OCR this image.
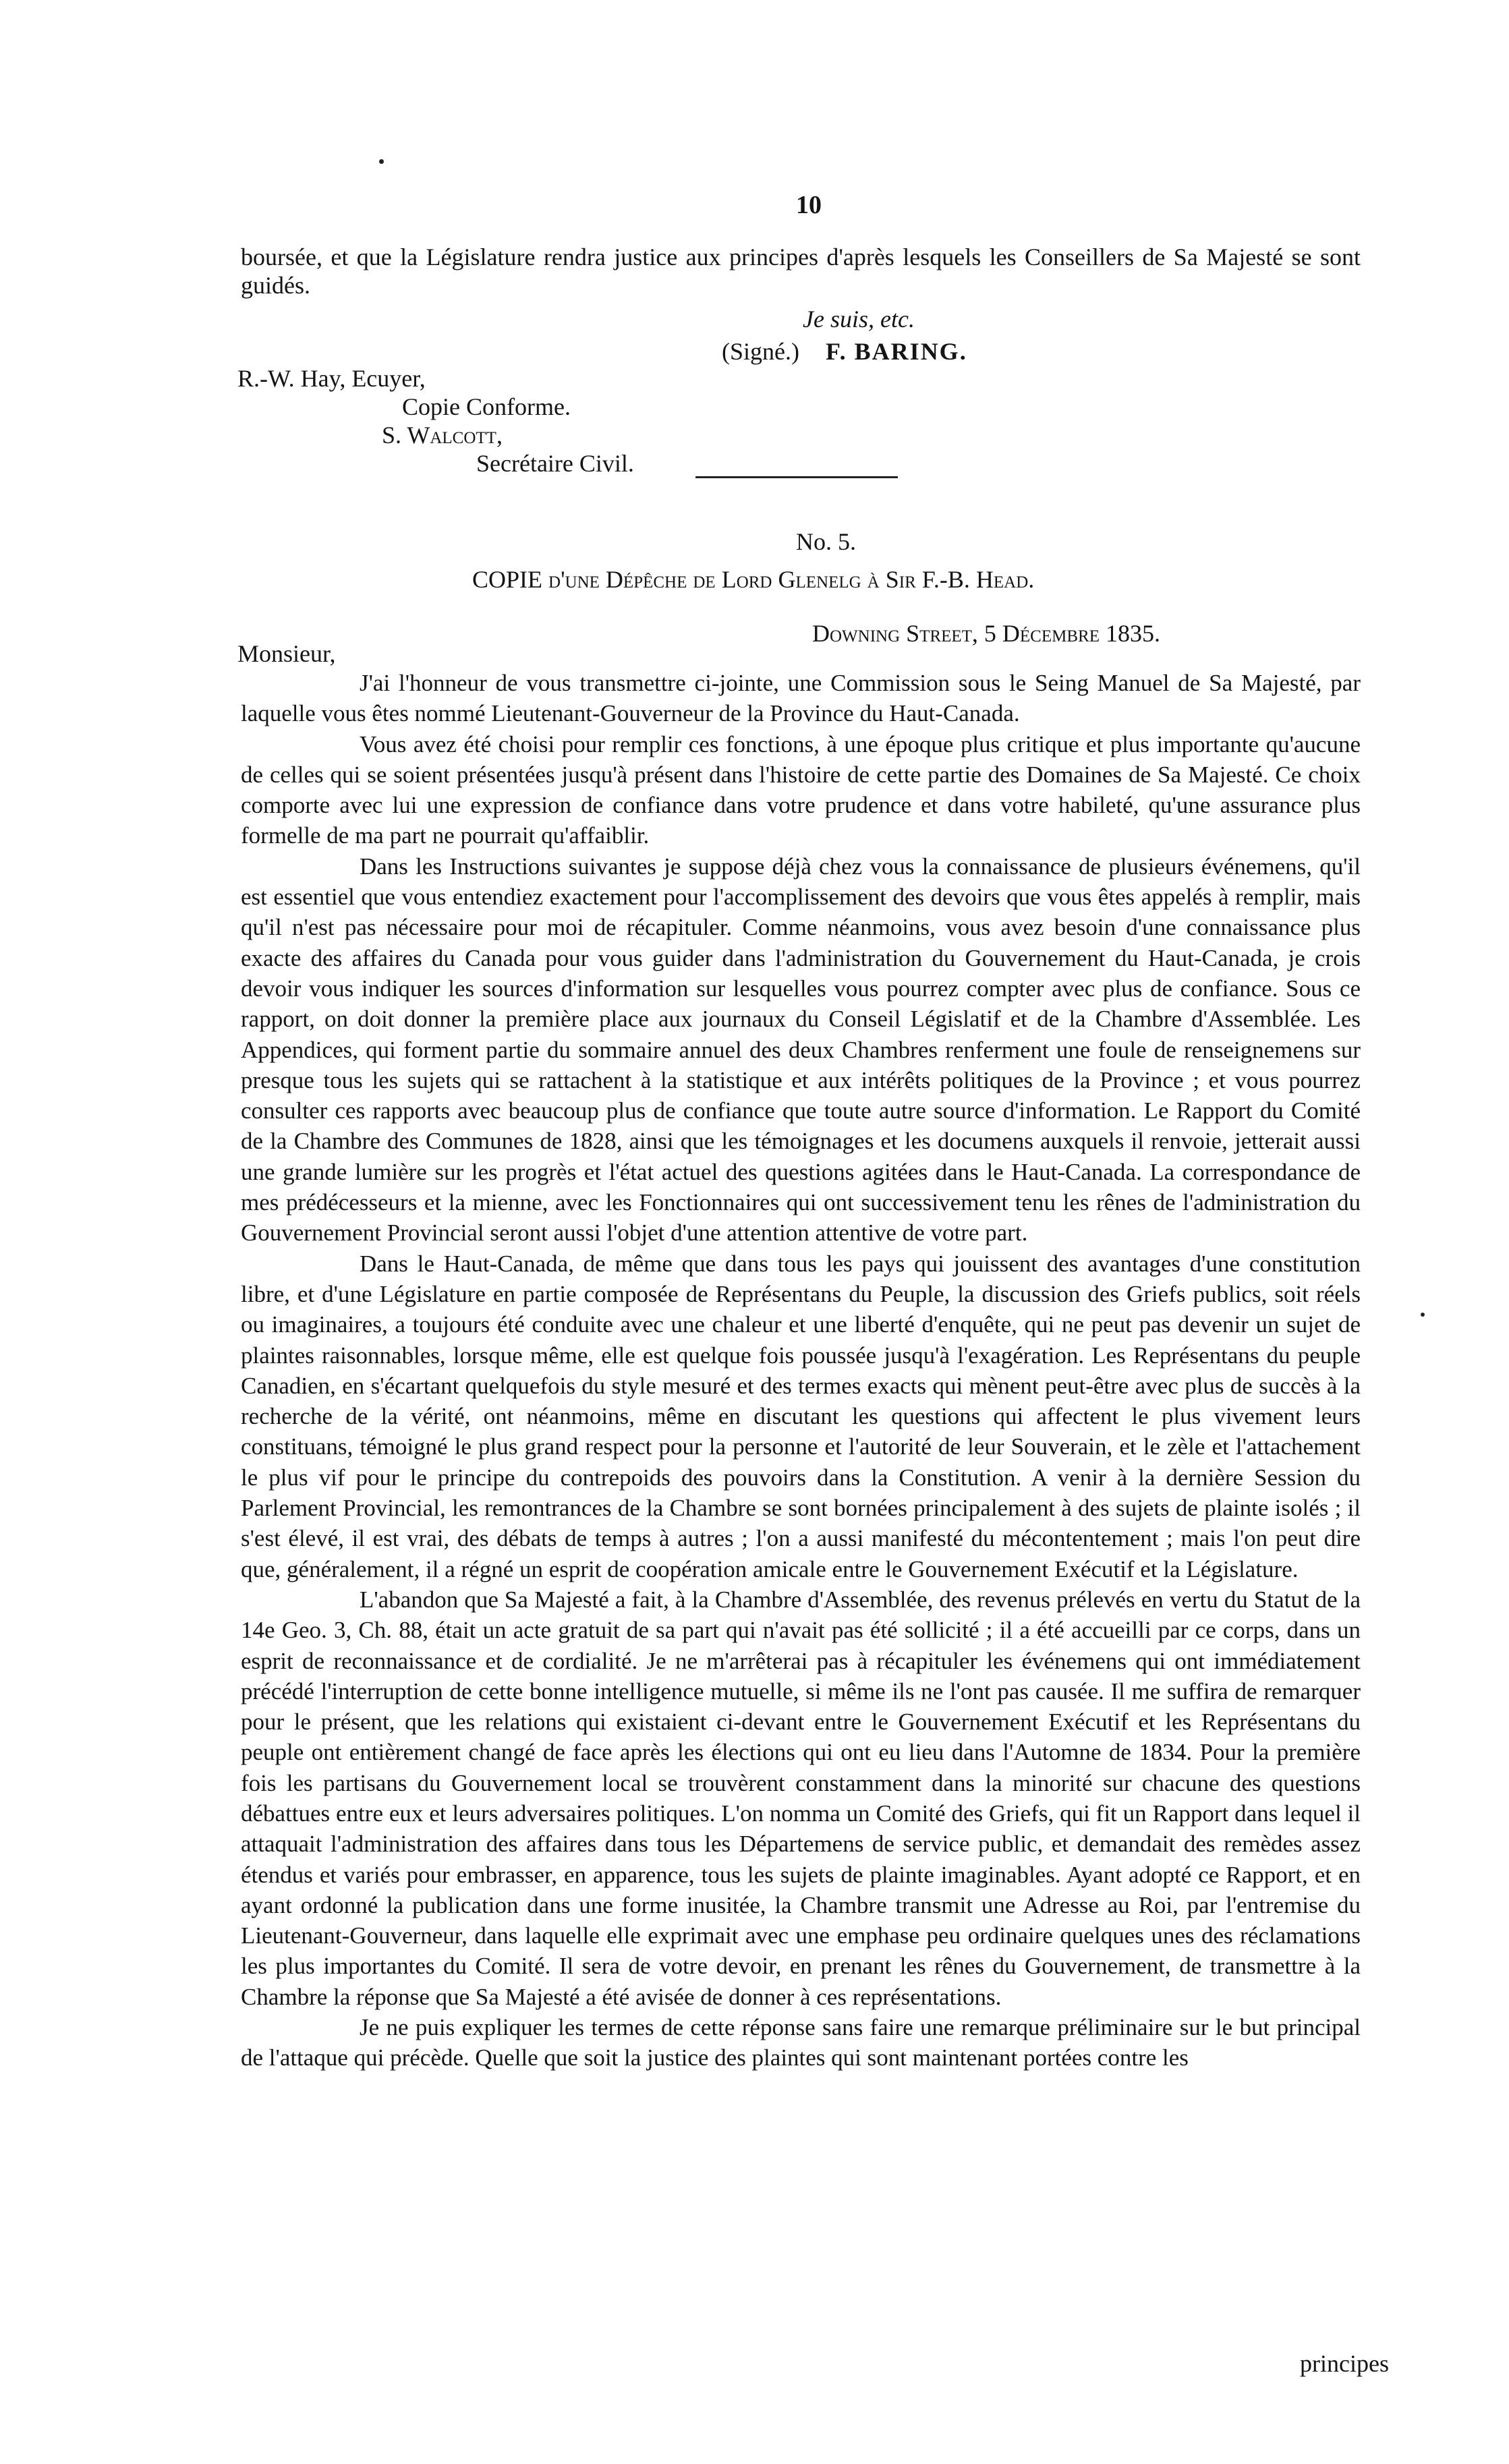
10
boursée, et que la Législature rendra justice aux principes d'après lesquels les Conseillers de Sa Majesté se sont guidés.
Je suis, etc.
(Signé.) F. BARING.
R.-W. Hay, Ecuyer,
Copie Conforme.
S. Walcott,
Secrétaire Civil.
No. 5.
COPIE d'une Dépêche de Lord Glenelg à Sir F.-B. Head.
Downing Street, 5 Décembre 1835.
Monsieur,

J'ai l'honneur de vous transmettre ci-jointe, une Commission sous le Seing Manuel de Sa Majesté, par laquelle vous êtes nommé Lieutenant-Gouverneur de la Province du Haut-Canada.

Vous avez été choisi pour remplir ces fonctions, à une époque plus critique et plus importante qu'aucune de celles qui se soient présentées jusqu'à présent dans l'histoire de cette partie des Domaines de Sa Majesté. Ce choix comporte avec lui une expression de confiance dans votre prudence et dans votre habileté, qu'une assurance plus formelle de ma part ne pourrait qu'affaiblir.

Dans les Instructions suivantes je suppose déjà chez vous la connaissance de plusieurs événemens, qu'il est essentiel que vous entendiez exactement pour l'accomplissement des devoirs que vous êtes appelés à remplir, mais qu'il n'est pas nécessaire pour moi de récapituler. Comme néanmoins, vous avez besoin d'une connaissance plus exacte des affaires du Canada pour vous guider dans l'administration du Gouvernement du Haut-Canada, je crois devoir vous indiquer les sources d'information sur lesquelles vous pourrez compter avec plus de confiance. Sous ce rapport, on doit donner la première place aux journaux du Conseil Législatif et de la Chambre d'Assemblée. Les Appendices, qui forment partie du sommaire annuel des deux Chambres renferment une foule de renseignemens sur presque tous les sujets qui se rattachent à la statistique et aux intérêts politiques de la Province ; et vous pourrez consulter ces rapports avec beaucoup plus de confiance que toute autre source d'information. Le Rapport du Comité de la Chambre des Communes de 1828, ainsi que les témoignages et les documens auxquels il renvoie, jetterait aussi une grande lumière sur les progrès et l'état actuel des questions agitées dans le Haut-Canada. La correspondance de mes prédécesseurs et la mienne, avec les Fonctionnaires qui ont successivement tenu les rênes de l'administration du Gouvernement Provincial seront aussi l'objet d'une attention attentive de votre part.

Dans le Haut-Canada, de même que dans tous les pays qui jouissent des avantages d'une constitution libre, et d'une Législature en partie composée de Représentans du Peuple, la discussion des Griefs publics, soit réels ou imaginaires, a toujours été conduite avec une chaleur et une liberté d'enquête, qui ne peut pas devenir un sujet de plaintes raisonnables, lorsque même, elle est quelque fois poussée jusqu'à l'exagération. Les Représentans du peuple Canadien, en s'écartant quelquefois du style mesuré et des termes exacts qui mènent peut-être avec plus de succès à la recherche de la vérité, ont néanmoins, même en discutant les questions qui affectent le plus vivement leurs constituans, témoigné le plus grand respect pour la personne et l'autorité de leur Souverain, et le zèle et l'attachement le plus vif pour le principe du contrepoids des pouvoirs dans la Constitution. A venir à la dernière Session du Parlement Provincial, les remontrances de la Chambre se sont bornées principalement à des sujets de plainte isolés ; il s'est élevé, il est vrai, des débats de temps à autres ; l'on a aussi manifesté du mécontentement ; mais l'on peut dire que, généralement, il a régné un esprit de coopération amicale entre le Gouvernement Exécutif et la Législature.

L'abandon que Sa Majesté a fait, à la Chambre d'Assemblée, des revenus prélevés en vertu du Statut de la 14e Geo. 3, Ch. 88, était un acte gratuit de sa part qui n'avait pas été sollicité ; il a été accueilli par ce corps, dans un esprit de reconnaissance et de cordialité. Je ne m'arrêterai pas à récapituler les événemens qui ont immédiatement précédé l'interruption de cette bonne intelligence mutuelle, si même ils ne l'ont pas causée. Il me suffira de remarquer pour le présent, que les relations qui existaient ci-devant entre le Gouvernement Exécutif et les Représentans du peuple ont entièrement changé de face après les élections qui ont eu lieu dans l'Automne de 1834. Pour la première fois les partisans du Gouvernement local se trouvèrent constamment dans la minorité sur chacune des questions débattues entre eux et leurs adversaires politiques. L'on nomma un Comité des Griefs, qui fit un Rapport dans lequel il attaquait l'administration des affaires dans tous les Départemens de service public, et demandait des remèdes assez étendus et variés pour embrasser, en apparence, tous les sujets de plainte imaginables. Ayant adopté ce Rapport, et en ayant ordonné la publication dans une forme inusitée, la Chambre transmit une Adresse au Roi, par l'entremise du Lieutenant-Gouverneur, dans laquelle elle exprimait avec une emphase peu ordinaire quelques unes des réclamations les plus importantes du Comité. Il sera de votre devoir, en prenant les rênes du Gouvernement, de transmettre à la Chambre la réponse que Sa Majesté a été avisée de donner à ces représentations.

Je ne puis expliquer les termes de cette réponse sans faire une remarque préliminaire sur le but principal de l'attaque qui précède. Quelle que soit la justice des plaintes qui sont maintenant portées contre les

principes
